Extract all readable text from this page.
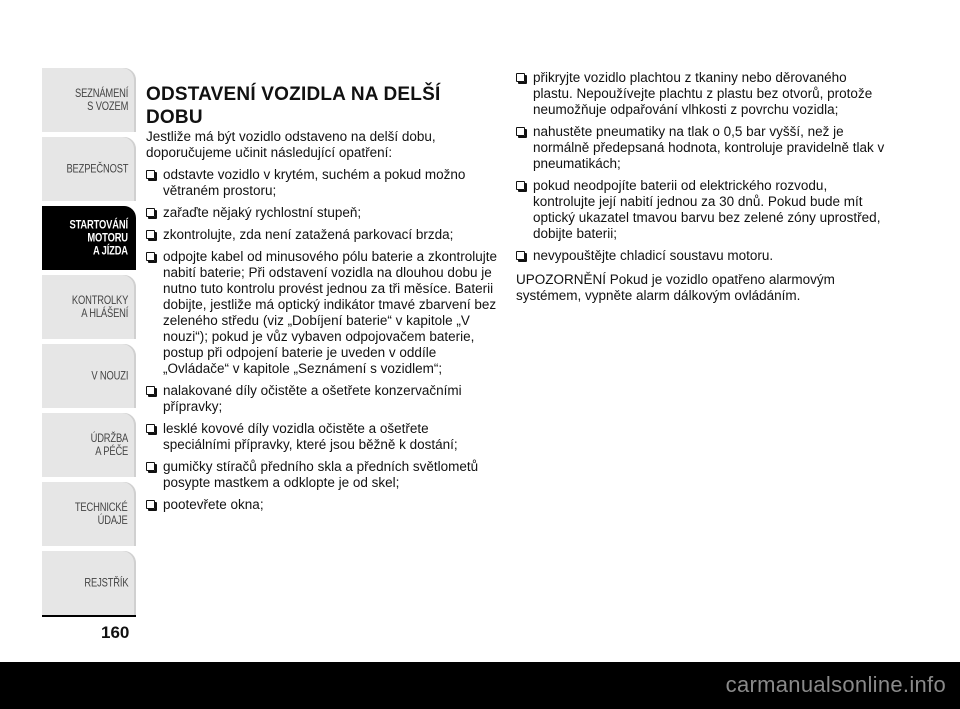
SEZNÁMENÍ
S VOZEM
BEZPEČNOST
STARTOVÁNÍ
MOTORU
A JÍZDA
KONTROLKY
A HLÁŠENÍ
V NOUZI
ÚDRŽBA
A PÉČE
TECHNICKÉ
ÚDAJE
REJSTŘÍK
160
ODSTAVENÍ VOZIDLA NA DELŠÍ DOBU

Jestliže má být vozidlo odstaveno na delší dobu, doporučujeme učinit následující opatření:

odstavte vozidlo v krytém, suchém a pokud možno větraném prostoru;
zařaďte nějaký rychlostní stupeň;
zkontrolujte, zda není zatažená parkovací brzda;
odpojte kabel od minusového pólu baterie a zkontrolujte nabití baterie; Při odstavení vozidla na dlouhou dobu je nutno tuto kontrolu provést jednou za tři měsíce. Baterii dobijte, jestliže má optický indikátor tmavé zbarvení bez zeleného středu (viz „Dobíjení baterie“ v kapitole „V nouzi“); pokud je vůz vybaven odpojovačem baterie, postup při odpojení baterie je uveden v oddíle „Ovládače“ v kapitole „Seznámení s vozidlem“;
nalakované díly očistěte a ošetřete konzervačními přípravky;
lesklé kovové díly vozidla očistěte a ošetřete speciálními přípravky, které jsou běžně k dostání;
gumičky stíračů předního skla a předních světlometů posypte mastkem a odklopte je od skel;
pootevřete okna;
přikryjte vozidlo plachtou z tkaniny nebo děrovaného plastu. Nepoužívejte plachtu z plastu bez otvorů, protože neumožňuje odpařování vlhkosti z povrchu vozidla;
nahustěte pneumatiky na tlak o 0,5 bar vyšší, než je normálně předepsaná hodnota, kontroluje pravidelně tlak v pneumatikách;
pokud neodpojíte baterii od elektrického rozvodu, kontrolujte její nabití jednou za 30 dnů. Pokud bude mít optický ukazatel tmavou barvu bez zelené zóny uprostřed, dobijte baterii;
nevypouštějte chladicí soustavu motoru.

UPOZORNĚNÍ Pokud je vozidlo opatřeno alarmovým systémem, vypněte alarm dálkovým ovládáním.

carmanualsonline.info
